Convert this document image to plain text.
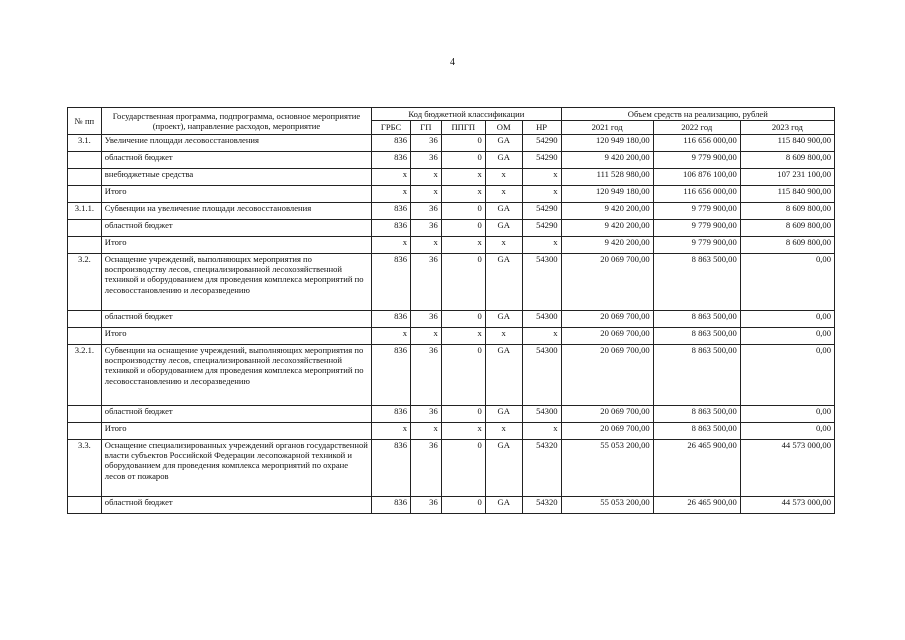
4
№ пп	Государственная программа, подпрограмма, основное мероприятие (проект), направление расходов, мероприятие	Код бюджетной классификации					Объем средств на реализацию, рублей		
		ГРБС	ГП	ППГП	ОМ	НР	2021 год	2022 год	2023 год
3.1.	Увеличение площади лесовосстановления	836	36	0	GA	54290	120 949 180,00	116 656 000,00	115 840 900,00
	областной бюджет	836	36	0	GA	54290	9 420 200,00	9 779 900,00	8 609 800,00
	внебюджетные средства	x	x	x	x	x	111 528 980,00	106 876 100,00	107 231 100,00
	Итого	x	x	x	x	x	120 949 180,00	116 656 000,00	115 840 900,00
3.1.1.	Субвенции на увеличение площади лесовосстановления	836	36	0	GA	54290	9 420 200,00	9 779 900,00	8 609 800,00
	областной бюджет	836	36	0	GA	54290	9 420 200,00	9 779 900,00	8 609 800,00
	Итого	x	x	x	x	x	9 420 200,00	9 779 900,00	8 609 800,00
3.2.	Оснащение учреждений, выполняющих мероприятия по воспроизводству лесов, специализированной лесохозяйственной техникой и оборудованием для проведения комплекса мероприятий по лесовосстановлению и лесоразведению	836	36	0	GA	54300	20 069 700,00	8 863 500,00	0,00
	областной бюджет	836	36	0	GA	54300	20 069 700,00	8 863 500,00	0,00
	Итого	x	x	x	x	x	20 069 700,00	8 863 500,00	0,00
3.2.1.	Субвенции на оснащение учреждений, выполняющих мероприятия по воспроизводству лесов, специализированной лесохозяйственной техникой и оборудованием для проведения комплекса мероприятий по лесовосстановлению и лесоразведению	836	36	0	GA	54300	20 069 700,00	8 863 500,00	0,00
	областной бюджет	836	36	0	GA	54300	20 069 700,00	8 863 500,00	0,00
	Итого	x	x	x	x	x	20 069 700,00	8 863 500,00	0,00
3.3.	Оснащение специализированных учреждений органов государственной власти субъектов Российской Федерации лесопожарной техникой и оборудованием для проведения комплекса мероприятий по охране лесов от пожаров	836	36	0	GA	54320	55 053 200,00	26 465 900,00	44 573 000,00
	областной бюджет	836	36	0	GA	54320	55 053 200,00	26 465 900,00	44 573 000,00
